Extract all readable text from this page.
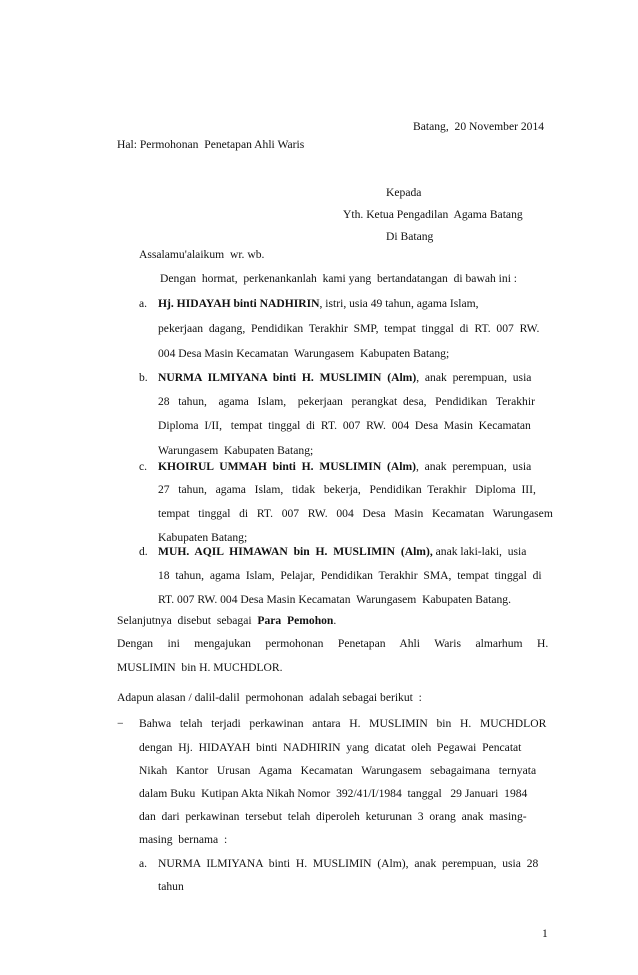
Batang,  20 November 2014
Hal: Permohonan  Penetapan Ahli Waris
Kepada
Yth. Ketua Pengadilan  Agama Batang
Di Batang
Assalamu'alaikum  wr. wb.
Dengan  hormat,  perkenankanlah  kami yang  bertandatangan  di bawah ini :
a. Hj. HIDAYAH binti NADHIRIN, istri, usia 49 tahun, agama Islam,
pekerjaan  dagang,  Pendidikan  Terakhir  SMP,  tempat  tinggal  di  RT.  007  RW.
004 Desa Masin Kecamatan  Warungasem  Kabupaten Batang;
b. NURMA  ILMIYANA  binti  H.  MUSLIMIN  (Alm),  anak  perempuan,  usia
28   tahun,    agama   Islam,    pekerjaan   perangkat  desa,   Pendidikan   Terakhir
Diploma  I/II,   tempat  tinggal  di  RT.  007  RW.  004  Desa  Masin  Kecamatan
Warungasem  Kabupaten Batang;
c. KHOIRUL  UMMAH  binti  H.  MUSLIMIN  (Alm),  anak  perempuan,  usia
27   tahun,   agama   Islam,   tidak   bekerja,   Pendidikan  Terakhir   Diploma  III,
tempat   tinggal   di   RT.   007   RW.   004   Desa   Masin   Kecamatan   Warungasem
Kabupaten Batang;
d. MUH.  AQIL  HIMAWAN  bin  H.  MUSLIMIN  (Alm), anak laki-laki,  usia
18  tahun,  agama  Islam,  Pelajar,  Pendidikan  Terakhir  SMA,  tempat  tinggal  di
RT. 007 RW. 004 Desa Masin Kecamatan  Warungasem  Kabupaten Batang.
Selanjutnya  disebut  sebagai  Para  Pemohon.
Dengan     ini     mengajukan     permohonan     Penetapan     Ahli     Waris     almarhum     H.
MUSLIMIN  bin H. MUCHDLOR.
Adapun alasan / dalil-dalil  permohonan  adalah sebagai berikut  :
− Bahwa   telah   terjadi   perkawinan   antara   H.   MUSLIMIN   bin   H.   MUCHDLOR
dengan  Hj.  HIDAYAH  binti  NADHIRIN  yang  dicatat  oleh  Pegawai  Pencatat
Nikah   Kantor   Urusan   Agama   Kecamatan   Warungasem   sebagaimana   ternyata
dalam Buku  Kutipan Akta Nikah Nomor  392/41/I/1984  tanggal   29 Januari  1984
dan  dari  perkawinan  tersebut  telah  diperoleh  keturunan  3  orang  anak  masing-
masing  bernama  :
a. NURMA  ILMIYANA  binti  H.  MUSLIMIN  (Alm),  anak  perempuan,  usia  28
tahun
1
